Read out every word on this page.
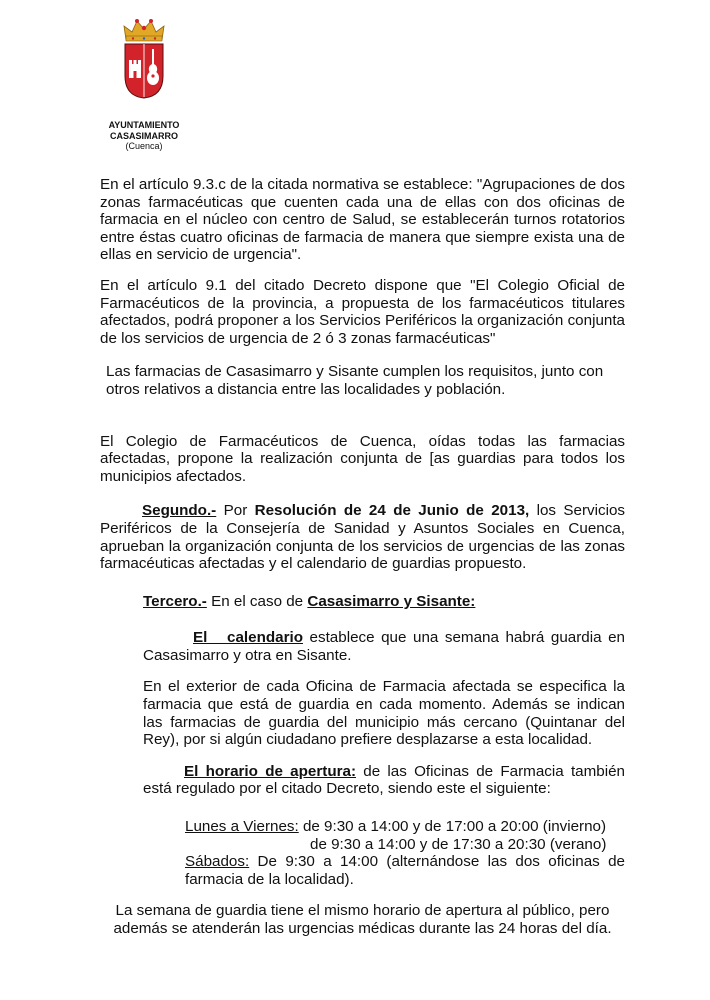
AYUNTAMIENTO
CASASIMARRO
(Cuenca)

En el artículo 9.3.c de la citada normativa se establece: "Agrupaciones de dos zonas farmacéuticas que cuenten cada una de ellas con dos oficinas de farmacia en el núcleo con centro de Salud, se establecerán turnos rotatorios entre éstas cuatro oficinas de farmacia de manera que siempre exista una de ellas en servicio de urgencia".

En el artículo 9.1 del citado Decreto dispone que "El Colegio Oficial de Farmacéuticos de la provincia, a propuesta de los farmacéuticos titulares afectados, podrá proponer a los Servicios Periféricos la organización conjunta de los servicios de urgencia de 2 ó 3 zonas farmacéuticas"

Las farmacias de Casasimarro y Sisante cumplen los requisitos, junto con otros relativos a distancia entre las localidades y población.

El Colegio de Farmacéuticos de Cuenca, oídas todas las farmacias afectadas, propone la realización conjunta de [as guardias para todos los municipios afectados.

Segundo.- Por Resolución de 24 de Junio de 2013, los Servicios Periféricos de la Consejería de Sanidad y Asuntos Sociales en Cuenca, aprueban la organización conjunta de los servicios de urgencias de las zonas farmacéuticas afectadas y el calendario de guardias propuesto.

Tercero.- En el caso de Casasimarro y Sisante:

El   calendario establece que una semana habrá guardia en Casasimarro y otra en Sisante.

En el exterior de cada Oficina de Farmacia afectada se especifica la farmacia que está de guardia en cada momento. Además se indican las farmacias de guardia del municipio más cercano (Quintanar del Rey), por si algún ciudadano prefiere desplazarse a esta localidad.

El horario de apertura: de las Oficinas de Farmacia también está regulado por el citado Decreto, siendo este el siguiente:

Lunes a Viernes: de 9:30 a 14:00 y de 17:00 a 20:00 (invierno)

de 9:30 a 14:00 y de 17:30 a 20:30 (verano)

Sábados: De 9:30 a 14:00 (alternándose las dos oficinas de farmacia de la localidad).

La semana de guardia tiene el mismo horario de apertura al público, pero
además se atenderán las urgencias médicas durante las 24 horas del día.
